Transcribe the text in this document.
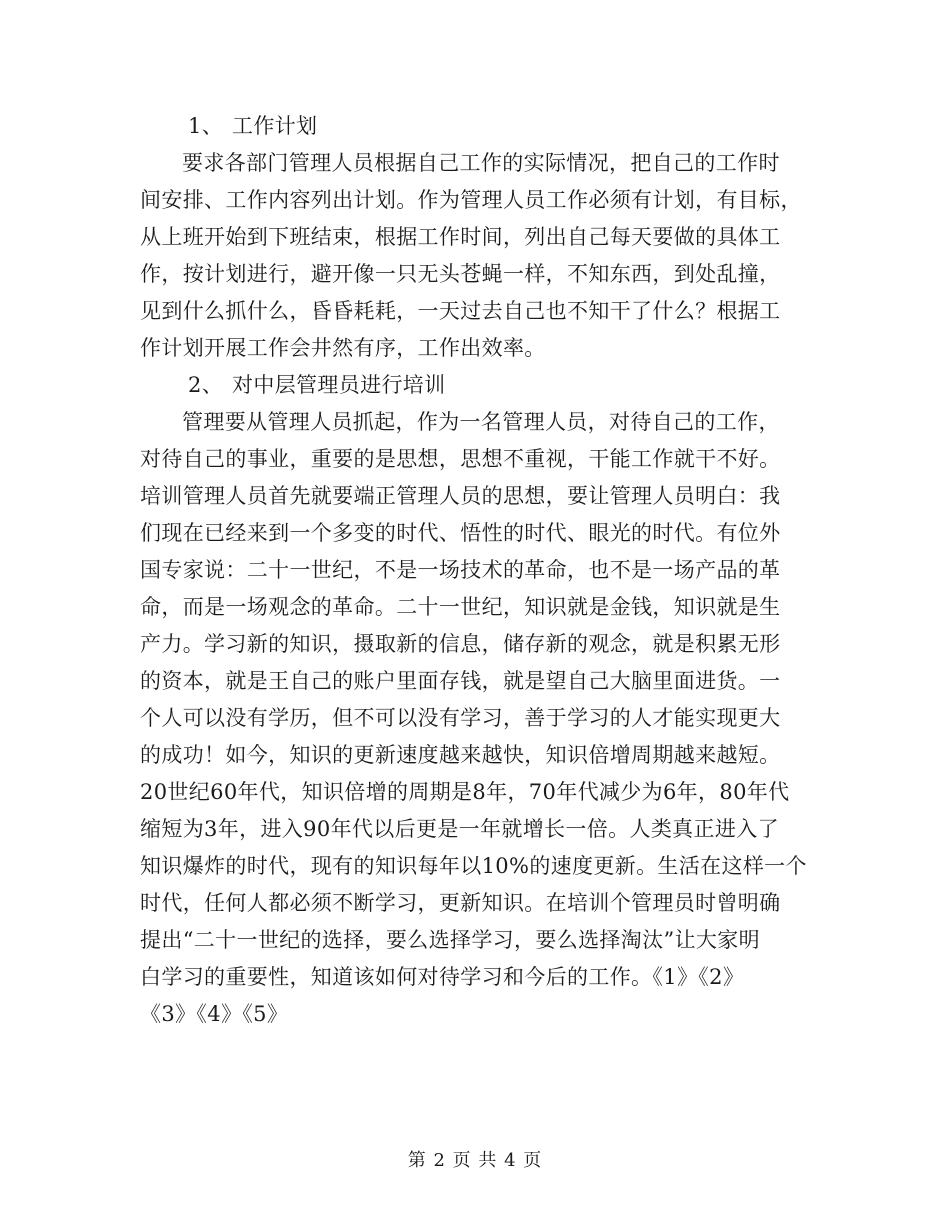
1、 工作计划
要求各部门管理人员根据自己工作的实际情况，把自己的工作时
间安排、工作内容列出计划。作为管理人员工作必须有计划，有目标，
从上班开始到下班结束，根据工作时间，列出自己每天要做的具体工
作，按计划进行，避开像一只无头苍蝇一样，不知东西，到处乱撞，
见到什么抓什么，昏昏耗耗，一天过去自己也不知干了什么？根据工
作计划开展工作会井然有序，工作出效率。
2、 对中层管理员进行培训
管理要从管理人员抓起，作为一名管理人员，对待自己的工作，
对待自己的事业，重要的是思想，思想不重视，干能工作就干不好。
培训管理人员首先就要端正管理人员的思想，要让管理人员明白：我
们现在已经来到一个多变的时代、悟性的时代、眼光的时代。有位外
国专家说：二十一世纪，不是一场技术的革命，也不是一场产品的革
命，而是一场观念的革命。二十一世纪，知识就是金钱，知识就是生
产力。学习新的知识，摄取新的信息，储存新的观念，就是积累无形
的资本，就是王自己的账户里面存钱，就是望自己大脑里面进货。一
个人可以没有学历，但不可以没有学习，善于学习的人才能实现更大
的成功！如今，知识的更新速度越来越快，知识倍增周期越来越短。
20世纪60年代，知识倍增的周期是8年，70年代减少为6年，80年代
缩短为3年，进入90年代以后更是一年就增长一倍。人类真正进入了
知识爆炸的时代，现有的知识每年以10%的速度更新。生活在这样一个
时代，任何人都必须不断学习，更新知识。在培训个管理员时曾明确
提出“二十一世纪的选择，要么选择学习，要么选择淘汰”让大家明
白学习的重要性，知道该如何对待学习和今后的工作。《1》《2》
《3》《4》《5》
第 2 页 共 4 页
